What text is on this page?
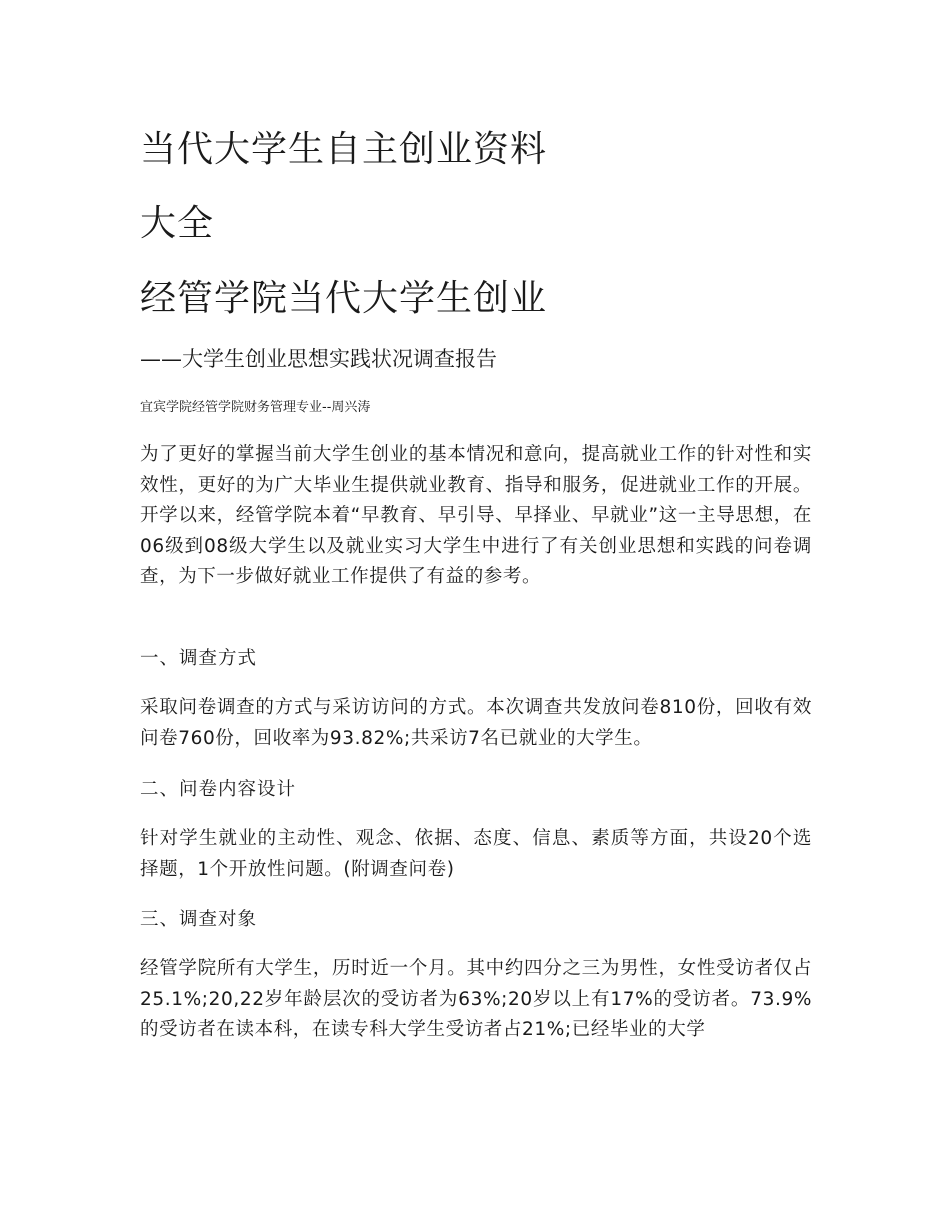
当代大学生自主创业资料
大全
经管学院当代大学生创业
——大学生创业思想实践状况调查报告
宜宾学院经管学院财务管理专业--周兴涛

为了更好的掌握当前大学生创业的基本情况和意向，提高就业工作的针对性和实效性，更好的为广大毕业生提供就业教育、指导和服务，促进就业工作的开展。开学以来，经管学院本着“早教育、早引导、早择业、早就业”这一主导思想，在06级到08级大学生以及就业实习大学生中进行了有关创业思想和实践的问卷调查，为下一步做好就业工作提供了有益的参考。

一、调查方式

采取问卷调查的方式与采访访问的方式。本次调查共发放问卷810份，回收有效问卷760份，回收率为93.82%;共采访7名已就业的大学生。

二、问卷内容设计

针对学生就业的主动性、观念、依据、态度、信息、素质等方面，共设20个选择题，1个开放性问题。(附调查问卷)

三、调查对象

经管学院所有大学生，历时近一个月。其中约四分之三为男性，女性受访者仅占25.1%;20,22岁年龄层次的受访者为63%;20岁以上有17%的受访者。73.9%的受访者在读本科，在读专科大学生受访者占21%;已经毕业的大学
